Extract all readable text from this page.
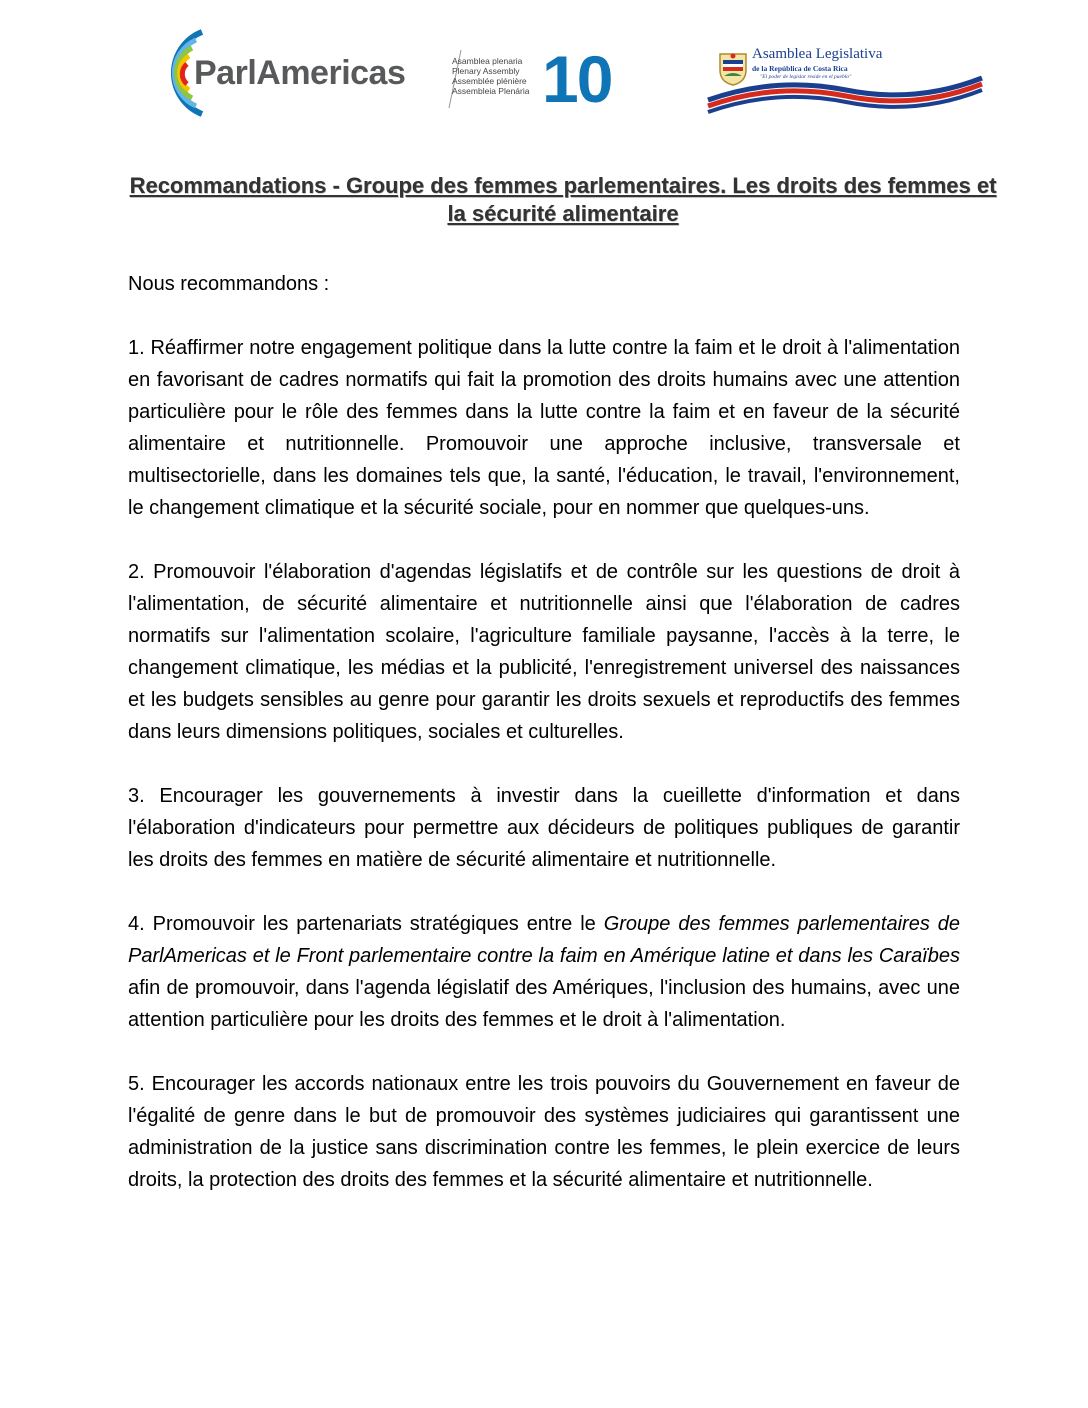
ParlAmericas	Asamblea plenaria
Plenary Assembly
Assemblée plénière
Assembleia Plenária 10	Asamblea Legislativa
de la República de Costa Rica
"El poder de legislar reside en el pueblo"
Recommandations - Groupe des femmes parlementaires. Les droits des femmes et la sécurité alimentaire

Nous recommandons :

1. Réaffirmer notre engagement politique dans la lutte contre la faim et le droit à l'alimentation en favorisant de cadres normatifs qui fait la promotion des droits humains avec une attention particulière pour le rôle des femmes dans la lutte contre la faim et en faveur de la sécurité alimentaire et nutritionnelle. Promouvoir une approche inclusive, transversale et multisectorielle, dans les domaines tels que, la santé, l'éducation, le travail, l'environnement, le changement climatique et la sécurité sociale, pour en nommer que quelques-uns.

2. Promouvoir l'élaboration d'agendas législatifs et de contrôle sur les questions de droit à l'alimentation, de sécurité alimentaire et nutritionnelle ainsi que l'élaboration de cadres normatifs sur l'alimentation scolaire, l'agriculture familiale paysanne, l'accès à la terre, le changement climatique, les médias et la publicité, l'enregistrement universel des naissances et les budgets sensibles au genre pour garantir les droits sexuels et reproductifs des femmes dans leurs dimensions politiques, sociales et culturelles.

3. Encourager les gouvernements à investir dans la cueillette d'information et dans l'élaboration d'indicateurs pour permettre aux décideurs de politiques publiques de garantir les droits des femmes en matière de sécurité alimentaire et nutritionnelle.

4. Promouvoir les partenariats stratégiques entre le Groupe des femmes parlementaires de ParlAmericas et le Front parlementaire contre la faim en Amérique latine et dans les Caraïbes afin de promouvoir, dans l'agenda législatif des Amériques, l'inclusion des humains, avec une attention particulière pour les droits des femmes et le droit à l'alimentation.

5. Encourager les accords nationaux entre les trois pouvoirs du Gouvernement en faveur de l'égalité de genre dans le but de promouvoir des systèmes judiciaires qui garantissent une administration de la justice sans discrimination contre les femmes, le plein exercice de leurs droits, la protection des droits des femmes et la sécurité alimentaire et nutritionnelle.
